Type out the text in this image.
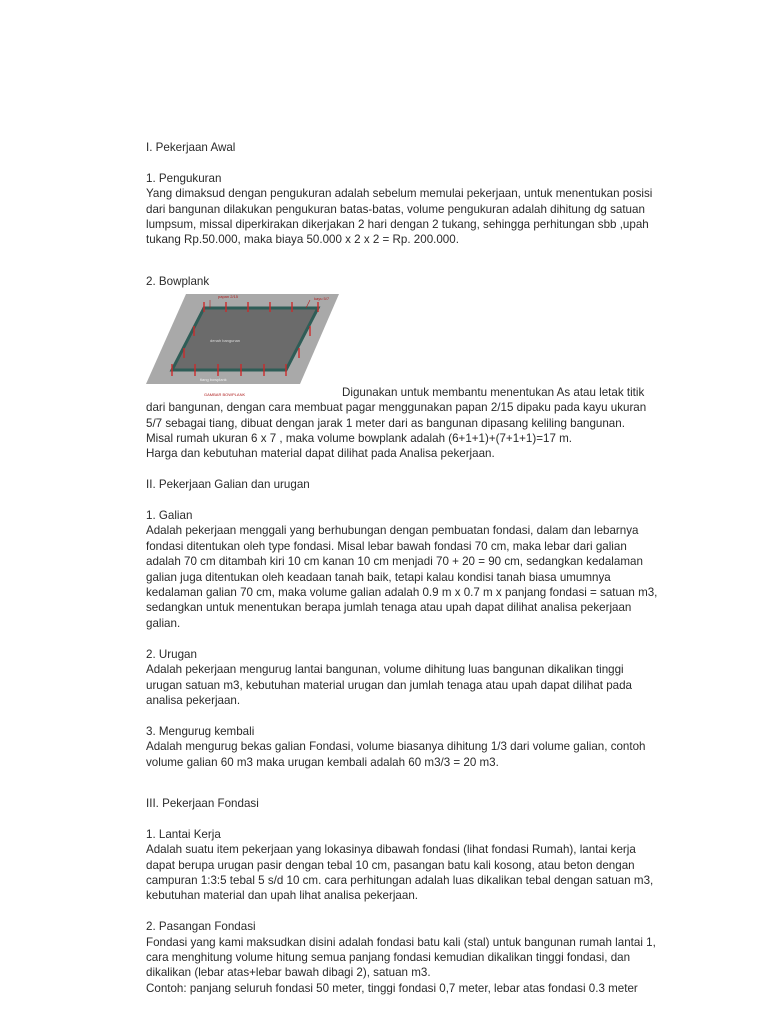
I. Pekerjaan Awal

1. Pengukuran

Yang dimaksud dengan pengukuran adalah sebelum memulai pekerjaan, untuk menentukan posisi

dari bangunan dilakukan pengukuran batas-batas, volume pengukuran adalah dihitung dg satuan

lumpsum, missal diperkirakan dikerjakan 2 hari dengan 2 tukang, sehingga perhitungan sbb ,upah

tukang Rp.50.000, maka biaya 50.000 x 2 x 2 = Rp. 200.000.

2. Bowplank

papan 2/15	kayu 5/7
denah bangunan
tiang bowplank
GAMBAR BOWPLANK	Digunakan untuk membantu menentukan As atau letak titik

dari bangunan, dengan cara membuat pagar menggunakan papan 2/15 dipaku pada kayu ukuran

5/7 sebagai tiang, dibuat dengan jarak 1 meter dari as bangunan dipasang keliling bangunan.

Misal rumah ukuran 6 x 7 , maka volume bowplank adalah (6+1+1)+(7+1+1)=17 m.

Harga dan kebutuhan material dapat dilihat pada Analisa pekerjaan.

II. Pekerjaan Galian dan urugan

1. Galian

Adalah pekerjaan menggali yang berhubungan dengan pembuatan fondasi, dalam dan lebarnya

fondasi ditentukan oleh type fondasi. Misal lebar bawah fondasi 70 cm, maka lebar dari galian

adalah 70 cm ditambah kiri 10 cm kanan 10 cm menjadi 70 + 20 = 90 cm, sedangkan kedalaman

galian juga ditentukan oleh keadaan tanah baik, tetapi kalau kondisi tanah biasa umumnya

kedalaman galian 70 cm, maka volume galian adalah 0.9 m x 0.7 m x panjang fondasi = satuan m3,

sedangkan untuk menentukan berapa jumlah tenaga atau upah dapat dilihat analisa pekerjaan

galian.

2. Urugan

Adalah pekerjaan mengurug lantai bangunan, volume dihitung luas bangunan dikalikan tinggi

urugan satuan m3, kebutuhan material urugan dan jumlah tenaga atau upah dapat dilihat pada

analisa pekerjaan.

3. Mengurug kembali

Adalah mengurug bekas galian Fondasi, volume biasanya dihitung 1/3 dari volume galian, contoh

volume galian 60 m3 maka urugan kembali adalah 60 m3/3 = 20 m3.

III. Pekerjaan Fondasi

1. Lantai Kerja

Adalah suatu item pekerjaan yang lokasinya dibawah fondasi (lihat fondasi Rumah), lantai kerja

dapat berupa urugan pasir dengan tebal 10 cm, pasangan batu kali kosong, atau beton dengan

campuran 1:3:5 tebal 5 s/d 10 cm. cara perhitungan adalah luas dikalikan tebal dengan satuan m3,

kebutuhan material dan upah lihat analisa pekerjaan.

2. Pasangan Fondasi

Fondasi yang kami maksudkan disini adalah fondasi batu kali (stal) untuk bangunan rumah lantai 1,

cara menghitung volume hitung semua panjang fondasi kemudian dikalikan tinggi fondasi, dan

dikalikan (lebar atas+lebar bawah dibagi 2), satuan m3.

Contoh: panjang seluruh fondasi 50 meter, tinggi fondasi 0,7 meter, lebar atas fondasi 0.3 meter
